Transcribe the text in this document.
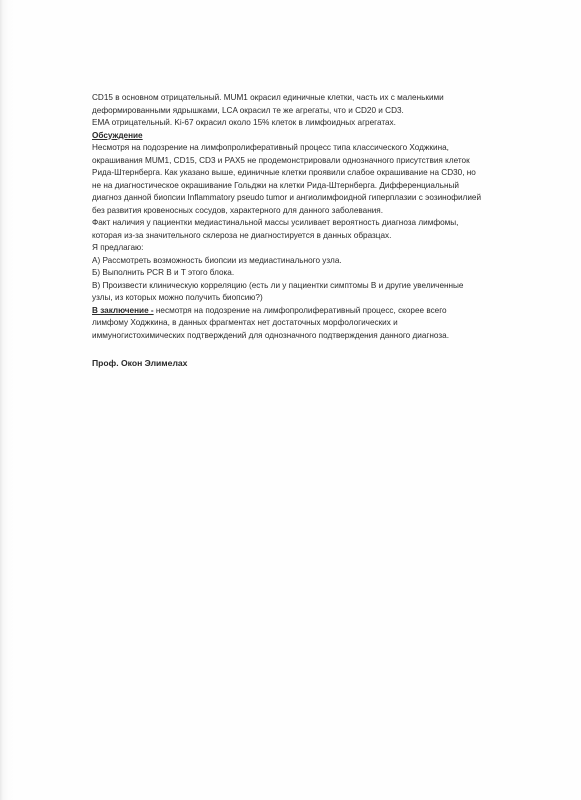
CD15 в основном отрицательный. MUM1 окрасил единичные клетки, часть их с маленькими

деформированными ядрышками, LCA окрасил те же агрегаты, что и CD20 и CD3.

EMA отрицательный. Ki-67 окрасил около 15% клеток в лимфоидных агрегатах.

Обсуждение

Несмотря на подозрение на лимфопролиферативный процесс типа классического Ходжкина,

окрашивания MUM1, CD15, CD3 и PAX5 не продемонстрировали однозначного присутствия клеток

Рида-Штернберга. Как указано выше, единичные клетки проявили слабое окрашивание на CD30, но

не на диагностическое окрашивание Гольджи на клетки Рида-Штернберга. Дифференциальный

диагноз данной биопсии Inflammatory pseudo tumor и ангиолимфоидной гиперплазии с эозинофилией

без развития кровеносных сосудов, характерного для данного заболевания.

Факт наличия у пациентки медиастинальной массы усиливает вероятность диагноза лимфомы,

которая из-за значительного склероза не диагностируется в данных образцах.

Я предлагаю:

А) Рассмотреть возможность биопсии из медиастинального узла.

Б) Выполнить PCR B и T этого блока.

В) Произвести клиническую корреляцию (есть ли у пациентки симптомы В и другие увеличенные

узлы, из которых можно получить биопсию?)

В заключение - несмотря на подозрение на лимфопролиферативный процесс, скорее всего

лимфому Ходжкина, в данных фрагментах нет достаточных морфологических и

иммуногистохимических подтверждений для однозначного подтверждения данного диагноза.

Проф. Окон Элимелах
